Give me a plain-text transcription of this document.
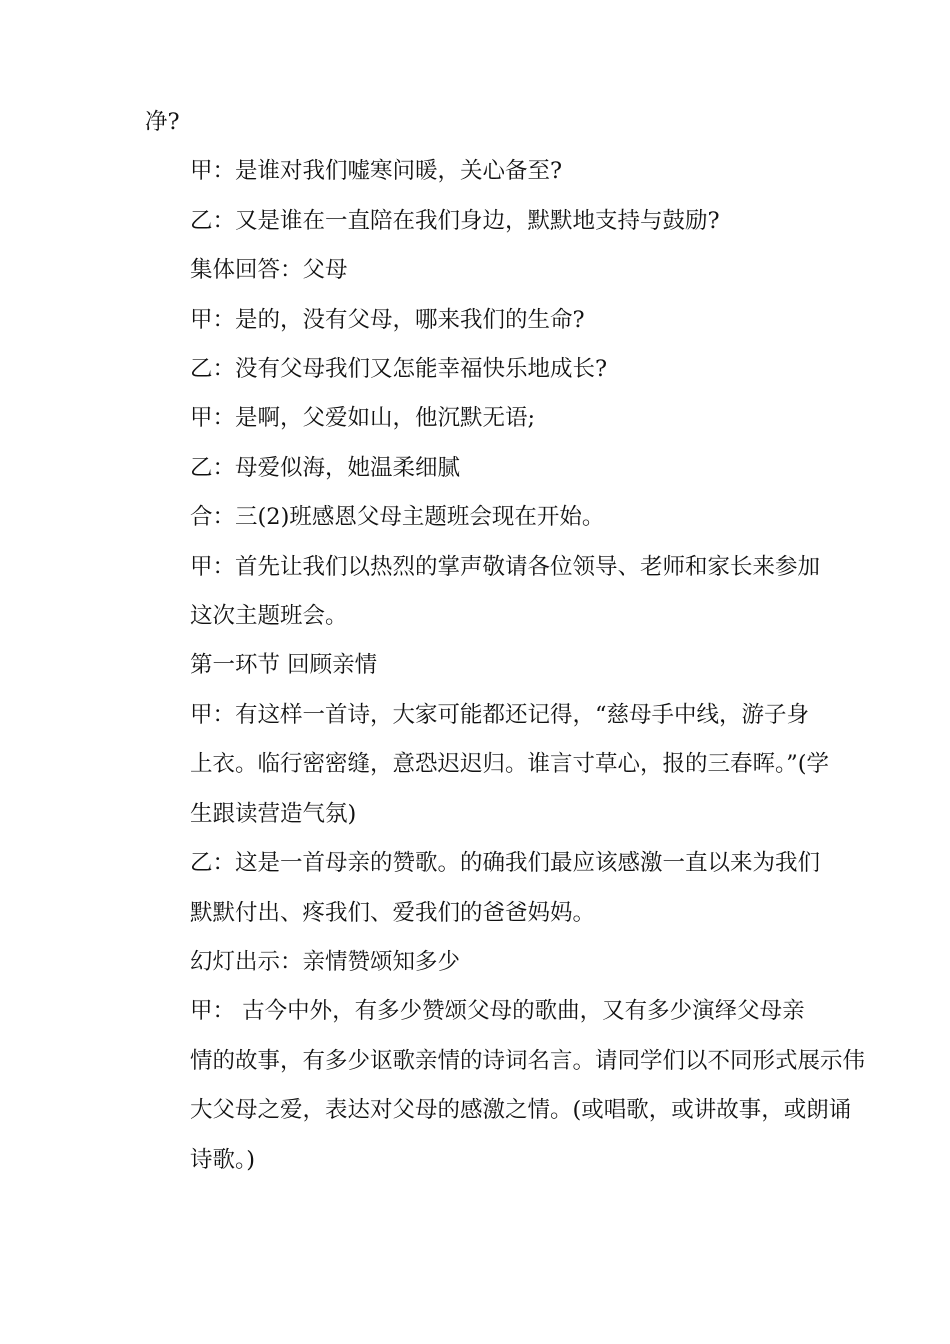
净?
甲：是谁对我们嘘寒问暖，关心备至?
乙：又是谁在一直陪在我们身边，默默地支持与鼓励?
集体回答：父母
甲：是的，没有父母，哪来我们的生命?
乙：没有父母我们又怎能幸福快乐地成长?
甲：是啊，父爱如山，他沉默无语;
乙：母爱似海，她温柔细腻
合：三(2)班感恩父母主题班会现在开始。
甲：首先让我们以热烈的掌声敬请各位领导、老师和家长来参加
这次主题班会。
第一环节 回顾亲情
甲：有这样一首诗，大家可能都还记得，“慈母手中线，游子身
上衣。临行密密缝，意恐迟迟归。谁言寸草心，报的三春晖。”(学
生跟读营造气氛)
乙：这是一首母亲的赞歌。的确我们最应该感激一直以来为我们
默默付出、疼我们、爱我们的爸爸妈妈。
幻灯出示：亲情赞颂知多少
甲： 古今中外，有多少赞颂父母的歌曲，又有多少演绎父母亲
情的故事，有多少讴歌亲情的诗词名言。请同学们以不同形式展示伟
大父母之爱，表达对父母的感激之情。(或唱歌，或讲故事，或朗诵
诗歌。)
